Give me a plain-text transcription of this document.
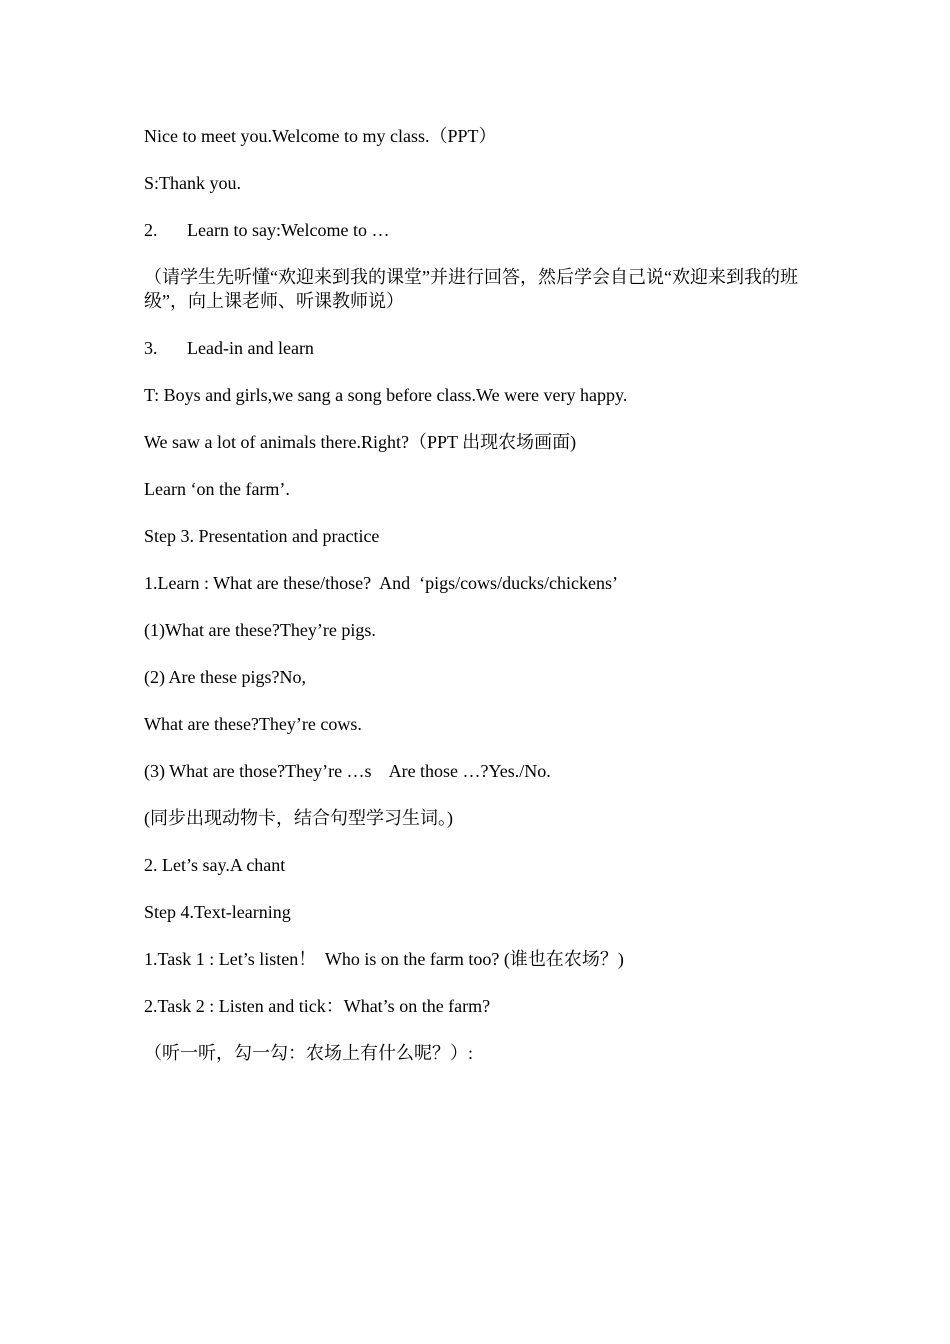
Nice to meet you.Welcome to my class.（PPT）

S:Thank you.

2. Learn to say:Welcome to …

（请学生先听懂“欢迎来到我的课堂”并进行回答，然后学会自己说“欢迎来到我的班级”，向上课老师、听课教师说）

3. Lead-in and learn

T: Boys and girls,we sang a song before class.We were very happy.

We saw a lot of animals there.Right?（PPT 出现农场画面)

Learn ‘on the farm’.

Step 3. Presentation and practice

1.Learn : What are these/those?  And  ‘pigs/cows/ducks/chickens’

(1)What are these?They’re pigs.

(2) Are these pigs?No,

What are these?They’re cows.

(3) What are those?They’re …s    Are those …?Yes./No.

(同步出现动物卡，结合句型学习生词。)

2. Let’s say.A chant

Step 4.Text-learning

1.Task 1 : Let’s listen！  Who is on the farm too? (谁也在农场？)

2.Task 2 : Listen and tick：What’s on the farm?

（听一听，勾一勾：农场上有什么呢？）:
